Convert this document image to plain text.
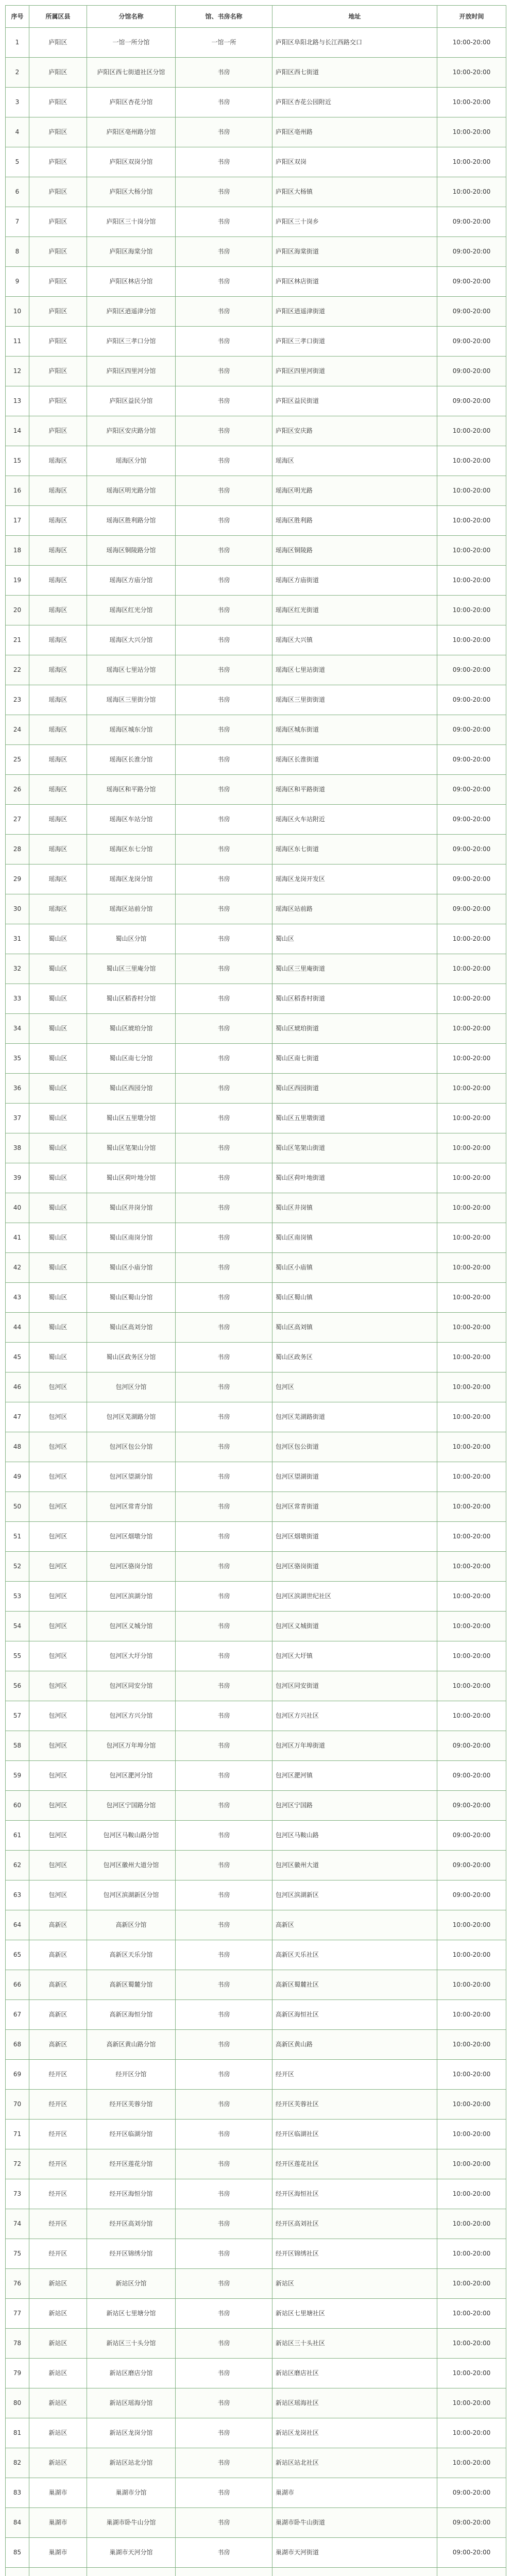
序号	所属区县	分馆名称	馆、书房名称	地址	开放时间
1	庐阳区	一馆一所分馆	一馆一所	庐阳区阜阳北路与长江西路交口	10:00-20:00
2	庐阳区	庐阳区西七街道社区分馆	书房	庐阳区西七街道	10:00-20:00
3	庐阳区	庐阳区杏花分馆	书房	庐阳区杏花公园附近	10:00-20:00
4	庐阳区	庐阳区亳州路分馆	书房	庐阳区亳州路	10:00-20:00
5	庐阳区	庐阳区双岗分馆	书房	庐阳区双岗	10:00-20:00
6	庐阳区	庐阳区大杨分馆	书房	庐阳区大杨镇	10:00-20:00
7	庐阳区	庐阳区三十岗分馆	书房	庐阳区三十岗乡	09:00-20:00
8	庐阳区	庐阳区海棠分馆	书房	庐阳区海棠街道	09:00-20:00
9	庐阳区	庐阳区林店分馆	书房	庐阳区林店街道	09:00-20:00
10	庐阳区	庐阳区逍遥津分馆	书房	庐阳区逍遥津街道	09:00-20:00
11	庐阳区	庐阳区三孝口分馆	书房	庐阳区三孝口街道	09:00-20:00
12	庐阳区	庐阳区四里河分馆	书房	庐阳区四里河街道	09:00-20:00
13	庐阳区	庐阳区益民分馆	书房	庐阳区益民街道	09:00-20:00
14	庐阳区	庐阳区安庆路分馆	书房	庐阳区安庆路	10:00-20:00
15	瑶海区	瑶海区分馆	书房	瑶海区	10:00-20:00
16	瑶海区	瑶海区明光路分馆	书房	瑶海区明光路	10:00-20:00
17	瑶海区	瑶海区胜利路分馆	书房	瑶海区胜利路	10:00-20:00
18	瑶海区	瑶海区铜陵路分馆	书房	瑶海区铜陵路	10:00-20:00
19	瑶海区	瑶海区方庙分馆	书房	瑶海区方庙街道	10:00-20:00
20	瑶海区	瑶海区红光分馆	书房	瑶海区红光街道	10:00-20:00
21	瑶海区	瑶海区大兴分馆	书房	瑶海区大兴镇	10:00-20:00
22	瑶海区	瑶海区七里站分馆	书房	瑶海区七里站街道	09:00-20:00
23	瑶海区	瑶海区三里街分馆	书房	瑶海区三里街街道	09:00-20:00
24	瑶海区	瑶海区城东分馆	书房	瑶海区城东街道	09:00-20:00
25	瑶海区	瑶海区长淮分馆	书房	瑶海区长淮街道	09:00-20:00
26	瑶海区	瑶海区和平路分馆	书房	瑶海区和平路街道	09:00-20:00
27	瑶海区	瑶海区车站分馆	书房	瑶海区火车站附近	09:00-20:00
28	瑶海区	瑶海区东七分馆	书房	瑶海区东七街道	09:00-20:00
29	瑶海区	瑶海区龙岗分馆	书房	瑶海区龙岗开发区	09:00-20:00
30	瑶海区	瑶海区站前分馆	书房	瑶海区站前路	09:00-20:00
31	蜀山区	蜀山区分馆	书房	蜀山区	10:00-20:00
32	蜀山区	蜀山区三里庵分馆	书房	蜀山区三里庵街道	10:00-20:00
33	蜀山区	蜀山区稻香村分馆	书房	蜀山区稻香村街道	10:00-20:00
34	蜀山区	蜀山区琥珀分馆	书房	蜀山区琥珀街道	10:00-20:00
35	蜀山区	蜀山区南七分馆	书房	蜀山区南七街道	10:00-20:00
36	蜀山区	蜀山区西园分馆	书房	蜀山区西园街道	10:00-20:00
37	蜀山区	蜀山区五里墩分馆	书房	蜀山区五里墩街道	10:00-20:00
38	蜀山区	蜀山区笔架山分馆	书房	蜀山区笔架山街道	10:00-20:00
39	蜀山区	蜀山区荷叶地分馆	书房	蜀山区荷叶地街道	10:00-20:00
40	蜀山区	蜀山区井岗分馆	书房	蜀山区井岗镇	10:00-20:00
41	蜀山区	蜀山区南岗分馆	书房	蜀山区南岗镇	10:00-20:00
42	蜀山区	蜀山区小庙分馆	书房	蜀山区小庙镇	10:00-20:00
43	蜀山区	蜀山区蜀山分馆	书房	蜀山区蜀山镇	10:00-20:00
44	蜀山区	蜀山区高刘分馆	书房	蜀山区高刘镇	10:00-20:00
45	蜀山区	蜀山区政务区分馆	书房	蜀山区政务区	10:00-20:00
46	包河区	包河区分馆	书房	包河区	10:00-20:00
47	包河区	包河区芜湖路分馆	书房	包河区芜湖路街道	10:00-20:00
48	包河区	包河区包公分馆	书房	包河区包公街道	10:00-20:00
49	包河区	包河区望湖分馆	书房	包河区望湖街道	10:00-20:00
50	包河区	包河区常青分馆	书房	包河区常青街道	10:00-20:00
51	包河区	包河区烟墩分馆	书房	包河区烟墩街道	10:00-20:00
52	包河区	包河区骆岗分馆	书房	包河区骆岗街道	10:00-20:00
53	包河区	包河区滨湖分馆	书房	包河区滨湖世纪社区	10:00-20:00
54	包河区	包河区义城分馆	书房	包河区义城街道	10:00-20:00
55	包河区	包河区大圩分馆	书房	包河区大圩镇	10:00-20:00
56	包河区	包河区同安分馆	书房	包河区同安街道	10:00-20:00
57	包河区	包河区方兴分馆	书房	包河区方兴社区	10:00-20:00
58	包河区	包河区万年埠分馆	书房	包河区万年埠街道	09:00-20:00
59	包河区	包河区淝河分馆	书房	包河区淝河镇	09:00-20:00
60	包河区	包河区宁国路分馆	书房	包河区宁国路	09:00-20:00
61	包河区	包河区马鞍山路分馆	书房	包河区马鞍山路	09:00-20:00
62	包河区	包河区徽州大道分馆	书房	包河区徽州大道	09:00-20:00
63	包河区	包河区滨湖新区分馆	书房	包河区滨湖新区	09:00-20:00
64	高新区	高新区分馆	书房	高新区	10:00-20:00
65	高新区	高新区天乐分馆	书房	高新区天乐社区	10:00-20:00
66	高新区	高新区蜀麓分馆	书房	高新区蜀麓社区	10:00-20:00
67	高新区	高新区海恒分馆	书房	高新区海恒社区	10:00-20:00
68	高新区	高新区黄山路分馆	书房	高新区黄山路	10:00-20:00
69	经开区	经开区分馆	书房	经开区	10:00-20:00
70	经开区	经开区芙蓉分馆	书房	经开区芙蓉社区	10:00-20:00
71	经开区	经开区临湖分馆	书房	经开区临湖社区	10:00-20:00
72	经开区	经开区莲花分馆	书房	经开区莲花社区	10:00-20:00
73	经开区	经开区海恒分馆	书房	经开区海恒社区	10:00-20:00
74	经开区	经开区高刘分馆	书房	经开区高刘社区	10:00-20:00
75	经开区	经开区锦绣分馆	书房	经开区锦绣社区	10:00-20:00
76	新站区	新站区分馆	书房	新站区	10:00-20:00
77	新站区	新站区七里塘分馆	书房	新站区七里塘社区	10:00-20:00
78	新站区	新站区三十头分馆	书房	新站区三十头社区	10:00-20:00
79	新站区	新站区磨店分馆	书房	新站区磨店社区	10:00-20:00
80	新站区	新站区瑶海分馆	书房	新站区瑶海社区	10:00-20:00
81	新站区	新站区龙岗分馆	书房	新站区龙岗社区	10:00-20:00
82	新站区	新站区站北分馆	书房	新站区站北社区	10:00-20:00
83	巢湖市	巢湖市分馆	书房	巢湖市	09:00-20:00
84	巢湖市	巢湖市卧牛山分馆	书房	巢湖市卧牛山街道	09:00-20:00
85	巢湖市	巢湖市天河分馆	书房	巢湖市天河街道	09:00-20:00
